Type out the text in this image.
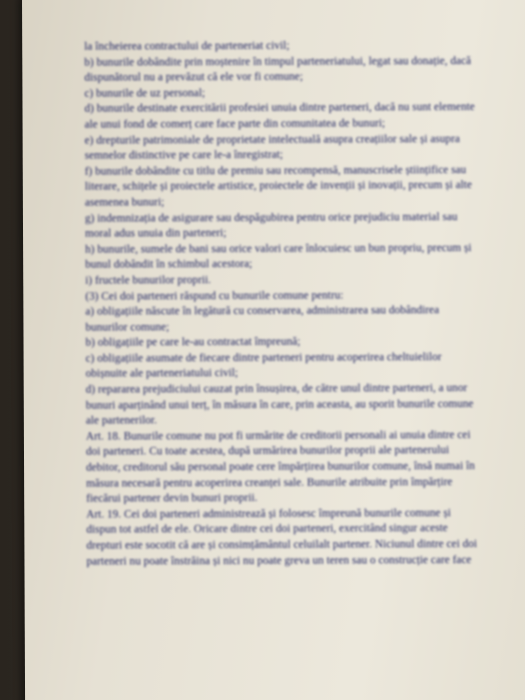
la încheierea contractului de parteneriat civil;
b) bunurile dobândite prin moștenire în timpul parteneriatului, legat sau donație, dacă
dispunătorul nu a prevăzut că ele vor fi comune;
c) bunurile de uz personal;
d) bunurile destinate exercitării profesiei unuia dintre parteneri, dacă nu sunt elemente
ale unui fond de comerț care face parte din comunitatea de bunuri;
e) drepturile patrimoniale de proprietate intelectuală asupra creațiilor sale și asupra
semnelor distinctive pe care le-a înregistrat;
f) bunurile dobândite cu titlu de premiu sau recompensă, manuscrisele științifice sau
literare, schițele și proiectele artistice, proiectele de invenții și inovații, precum și alte
asemenea bunuri;
g) indemnizația de asigurare sau despăgubirea pentru orice prejudiciu material sau
moral adus unuia din parteneri;
h) bunurile, sumele de bani sau orice valori care înlocuiesc un bun propriu, precum și
bunul dobândit în schimbul acestora;
i) fructele bunurilor proprii.
(3) Cei doi parteneri răspund cu bunurile comune pentru:
a) obligațiile născute în legătură cu conservarea, administrarea sau dobândirea
bunurilor comune;
b) obligațiile pe care le-au contractat împreună;
c) obligațiile asumate de fiecare dintre parteneri pentru acoperirea cheltuielilor
obișnuite ale parteneriatului civil;
d) repararea prejudiciului cauzat prin însușirea, de către unul dintre parteneri, a unor
bunuri aparținând unui terț, în măsura în care, prin aceasta, au sporit bunurile comune
ale partenerilor.
Art. 18. Bunurile comune nu pot fi urmărite de creditorii personali ai unuia dintre cei
doi parteneri. Cu toate acestea, după urmărirea bunurilor proprii ale partenerului
debitor, creditorul său personal poate cere împărțirea bunurilor comune, însă numai în
măsura necesară pentru acoperirea creanței sale. Bunurile atribuite prin împărțire
fiecărui partener devin bunuri proprii.
Art. 19. Cei doi parteneri administrează și folosesc împreună bunurile comune și
dispun tot astfel de ele. Oricare dintre cei doi parteneri, exercitând singur aceste
drepturi este socotit că are și consimțământul celuilalt partener. Niciunul dintre cei doi
parteneri nu poate înstrăina și nici nu poate greva un teren sau o construcție care face
